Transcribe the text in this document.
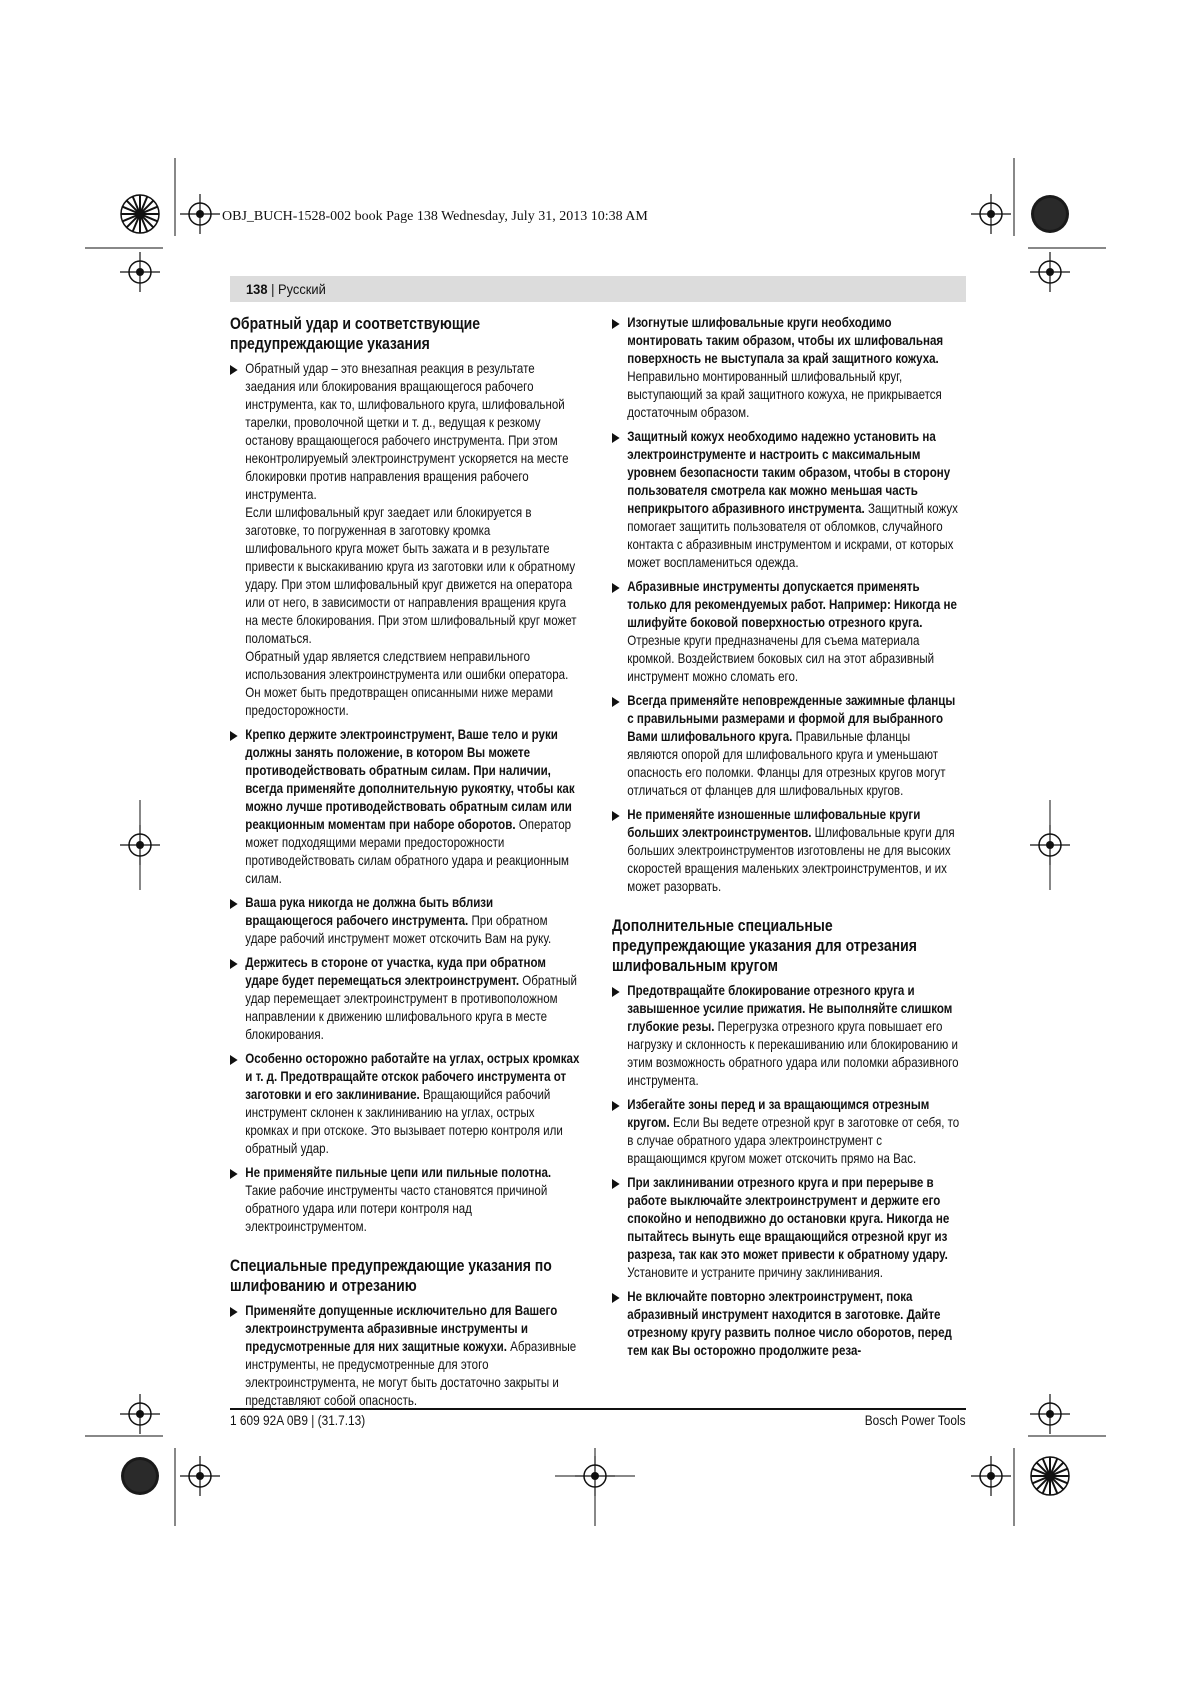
OBJ_BUCH-1528-002 book Page 138 Wednesday, July 31, 2013 10:38 AM
138 | Русский
Обратный удар и соответствующие предупреждающие указания

Обратный удар – это внезапная реакция в результате заедания или блокирования вращающегося рабочего инструмента, как то, шлифовального круга, шлифовальной тарелки, проволочной щетки и т. д., ведущая к резкому останову вращающегося рабочего инструмента. При этом неконтролируемый электроинструмент ускоряется на месте блокировки против направления вращения рабочего инструмента.

Если шлифовальный круг заедает или блокируется в заготовке, то погруженная в заготовку кромка шлифовального круга может быть зажата и в результате привести к выскакиванию круга из заготовки или к обратному удару. При этом шлифовальный круг движется на оператора или от него, в зависимости от направления вращения круга на месте блокирования. При этом шлифовальный круг может поломаться.

Обратный удар является следствием неправильного использования электроинструмента или ошибки оператора. Он может быть предотвращен описанными ниже мерами предосторожности.

Крепко держите электроинструмент, Ваше тело и руки должны занять положение, в котором Вы можете противодействовать обратным силам. При наличии, всегда применяйте дополнительную рукоятку, чтобы как можно лучше противодействовать обратным силам или реакционным моментам при наборе оборотов. Оператор может подходящими мерами предосторожности противодействовать силам обратного удара и реакционным силам.

Ваша рука никогда не должна быть вблизи вращающегося рабочего инструмента. При обратном ударе рабочий инструмент может отскочить Вам на руку.

Держитесь в стороне от участка, куда при обратном ударе будет перемещаться электроинструмент. Обратный удар перемещает электроинструмент в противоположном направлении к движению шлифовального круга в месте блокирования.

Особенно осторожно работайте на углах, острых кромках и т. д. Предотвращайте отскок рабочего инструмента от заготовки и его заклинивание. Вращающийся рабочий инструмент склонен к заклиниванию на углах, острых кромках и при отскоке. Это вызывает потерю контроля или обратный удар.

Не применяйте пильные цепи или пильные полотна. Такие рабочие инструменты часто становятся причиной обратного удара или потери контроля над электроинструментом.

Специальные предупреждающие указания по шлифованию и отрезанию

Применяйте допущенные исключительно для Вашего электроинструмента абразивные инструменты и предусмотренные для них защитные кожухи. Абразивные инструменты, не предусмотренные для этого электроинструмента, не могут быть достаточно закрыты и представляют собой опасность.

Изогнутые шлифовальные круги необходимо монтировать таким образом, чтобы их шлифовальная поверхность не выступала за край защитного кожуха. Неправильно монтированный шлифовальный круг, выступающий за край защитного кожуха, не прикрывается достаточным образом.

Защитный кожух необходимо надежно установить на электроинструменте и настроить с максимальным уровнем безопасности таким образом, чтобы в сторону пользователя смотрела как можно меньшая часть неприкрытого абразивного инструмента. Защитный кожух помогает защитить пользователя от обломков, случайного контакта с абразивным инструментом и искрами, от которых может воспламениться одежда.

Абразивные инструменты допускается применять только для рекомендуемых работ. Например: Никогда не шлифуйте боковой поверхностью отрезного круга. Отрезные круги предназначены для съема материала кромкой. Воздействием боковых сил на этот абразивный инструмент можно сломать его.

Всегда применяйте неповрежденные зажимные фланцы с правильными размерами и формой для выбранного Вами шлифовального круга. Правильные фланцы являются опорой для шлифовального круга и уменьшают опасность его поломки. Фланцы для отрезных кругов могут отличаться от фланцев для шлифовальных кругов.

Не применяйте изношенные шлифовальные круги больших электроинструментов. Шлифовальные круги для больших электроинструментов изготовлены не для высоких скоростей вращения маленьких электроинструментов, и их может разорвать.

Дополнительные специальные предупреждающие указания для отрезания шлифовальным кругом

Предотвращайте блокирование отрезного круга и завышенное усилие прижатия. Не выполняйте слишком глубокие резы. Перегрузка отрезного круга повышает его нагрузку и склонность к перекашиванию или блокированию и этим возможность обратного удара или поломки абразивного инструмента.

Избегайте зоны перед и за вращающимся отрезным кругом. Если Вы ведете отрезной круг в заготовке от себя, то в случае обратного удара электроинструмент с вращающимся кругом может отскочить прямо на Вас.

При заклинивании отрезного круга и при перерыве в работе выключайте электроинструмент и держите его спокойно и неподвижно до остановки круга. Никогда не пытайтесь вынуть еще вращающийся отрезной круг из разреза, так как это может привести к обратному удару. Установите и устраните причину заклинивания.

Не включайте повторно электроинструмент, пока абразивный инструмент находится в заготовке. Дайте отрезному кругу развить полное число оборотов, перед тем как Вы осторожно продолжите реза-

1 609 92A 0B9 | (31.7.13)	Bosch Power Tools
